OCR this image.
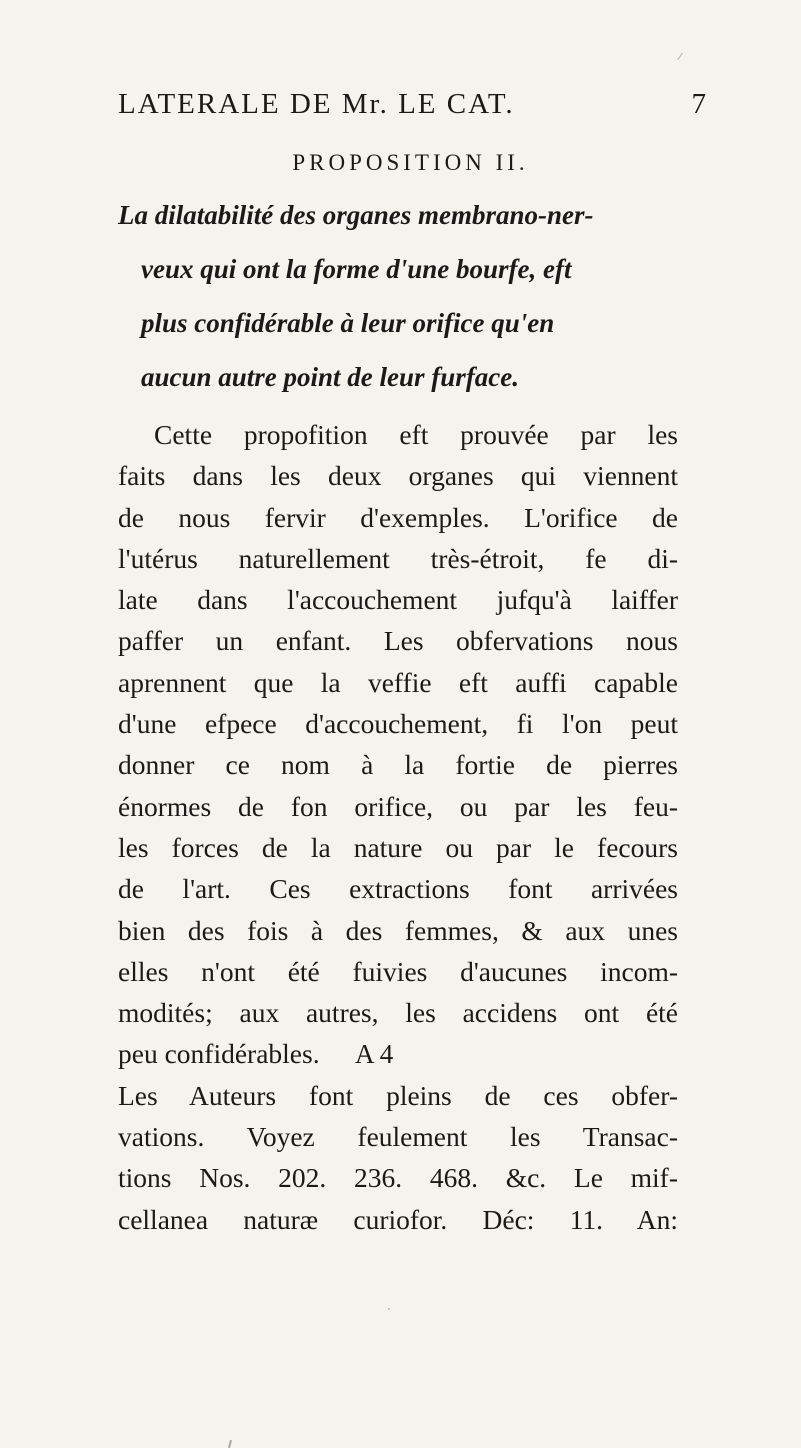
LATERALE DE Mr. LE CAT.	7
PROPOSITION II.
La dilatabilité des organes membrano-ner-
veux qui ont la forme d'une bourfe, eft
plus confidérable à leur orifice qu'en
aucun autre point de leur furface.
Cette propofition eft prouvée par les
faits dans les deux organes qui viennent
de nous fervir d'exemples. L'orifice de
l'utérus naturellement très-étroit, fe di-
late dans l'accouchement jufqu'à laiffer
paffer un enfant. Les obfervations nous
aprennent que la veffie eft auffi capable
d'une efpece d'accouchement, fi l'on peut
donner ce nom à la fortie de pierres
énormes de fon orifice, ou par les feu-
les forces de la nature ou par le fecours
de l'art. Ces extractions font arrivées
bien des fois à des femmes, & aux unes
elles n'ont été fuivies d'aucunes incom-
modités; aux autres, les accidens ont été
peu confidérables.
Les Auteurs font pleins de ces obfer-
vations. Voyez feulement les Transac-
tions Nos. 202. 236. 468. &c. Le mif-
cellanea naturæ curiofor. Déc: 11. An:
A 4
